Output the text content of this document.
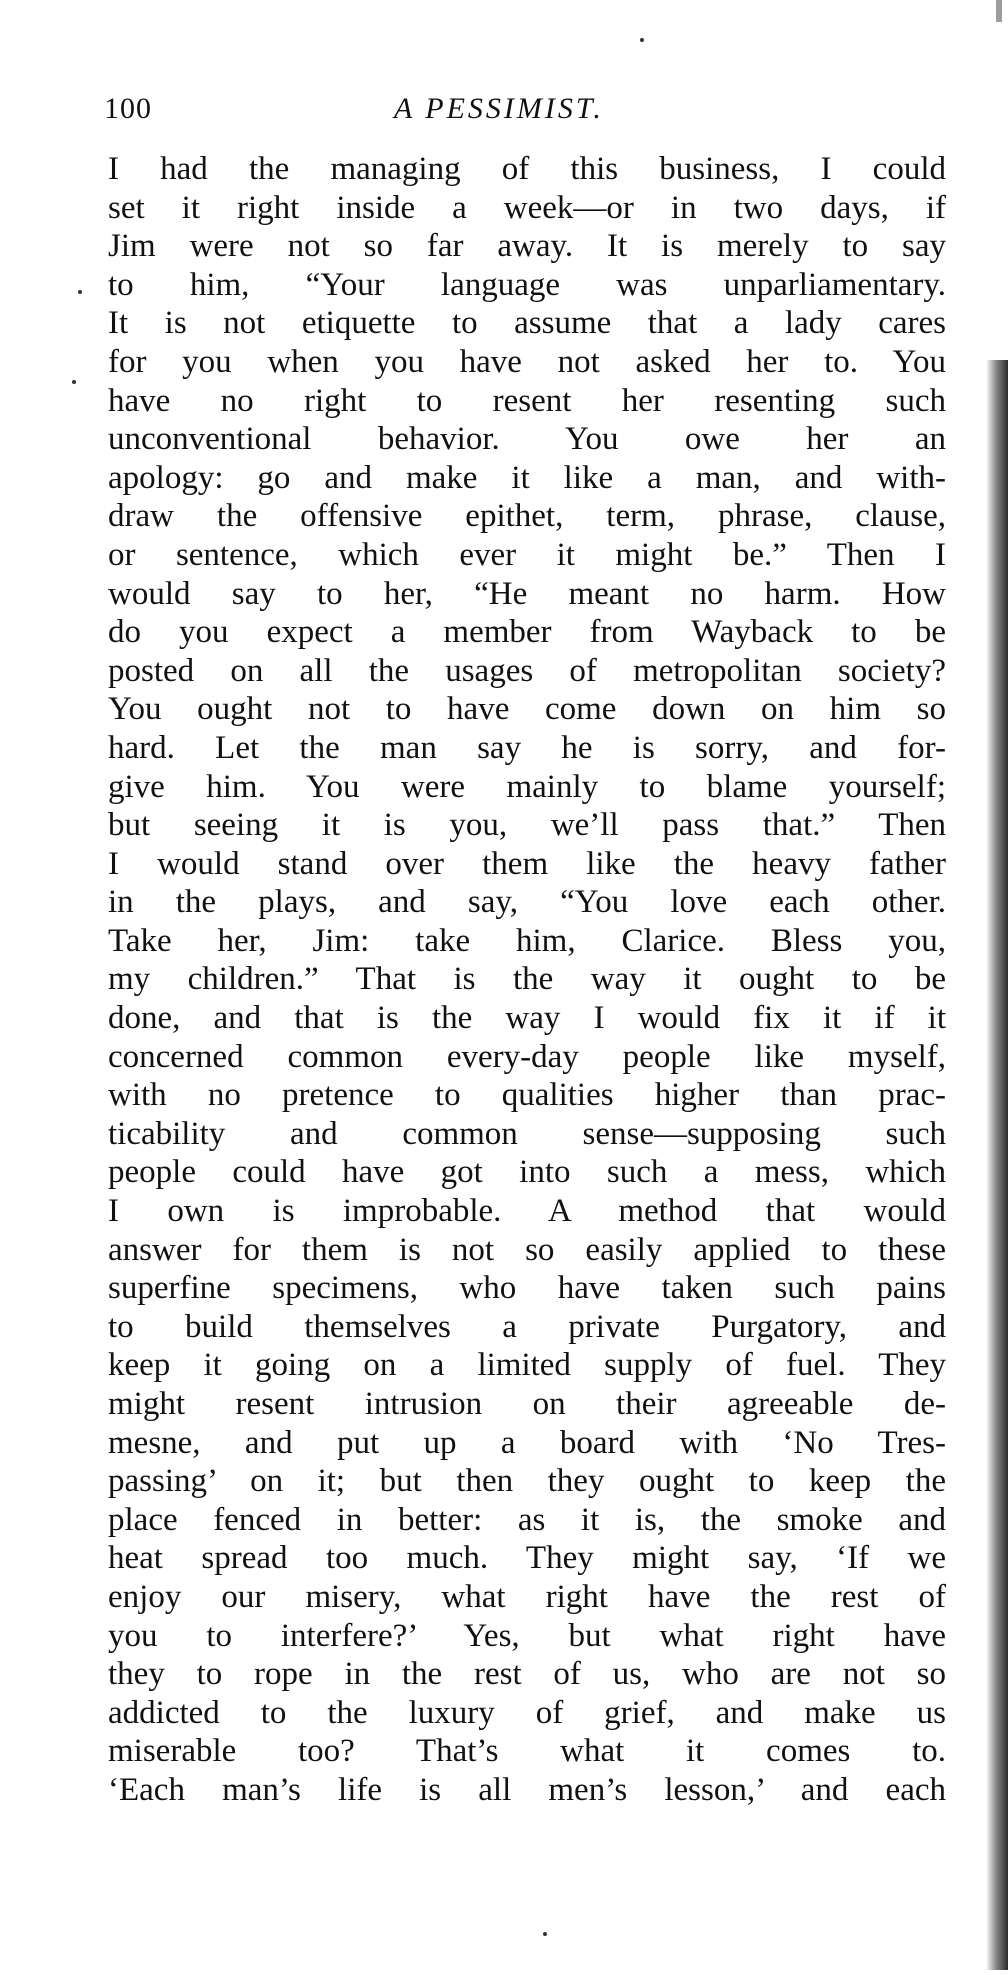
100	A PESSIMIST.
I had the managing of this business, I could
set it right inside a week—or in two days, if
Jim were not so far away. It is merely to say
to him, “Your language was unparliamentary.
It is not etiquette to assume that a lady cares
for you when you have not asked her to. You
have no right to resent her resenting such
unconventional behavior. You owe her an
apology: go and make it like a man, and with-
draw the offensive epithet, term, phrase, clause,
or sentence, which ever it might be.” Then I
would say to her, “He meant no harm. How
do you expect a member from Wayback to be
posted on all the usages of metropolitan society?
You ought not to have come down on him so
hard. Let the man say he is sorry, and for-
give him. You were mainly to blame yourself;
but seeing it is you, we’ll pass that.” Then
I would stand over them like the heavy father
in the plays, and say, “You love each other.
Take her, Jim: take him, Clarice. Bless you,
my children.” That is the way it ought to be
done, and that is the way I would fix it if it
concerned common every-day people like myself,
with no pretence to qualities higher than prac-
ticability and common sense—supposing such
people could have got into such a mess, which
I own is improbable. A method that would
answer for them is not so easily applied to these
superfine specimens, who have taken such pains
to build themselves a private Purgatory, and
keep it going on a limited supply of fuel. They
might resent intrusion on their agreeable de-
mesne, and put up a board with ‘No Tres-
passing’ on it; but then they ought to keep the
place fenced in better: as it is, the smoke and
heat spread too much. They might say, ‘If we
enjoy our misery, what right have the rest of
you to interfere?’ Yes, but what right have
they to rope in the rest of us, who are not so
addicted to the luxury of grief, and make us
miserable too? That’s what it comes to.
‘Each man’s life is all men’s lesson,’ and each
